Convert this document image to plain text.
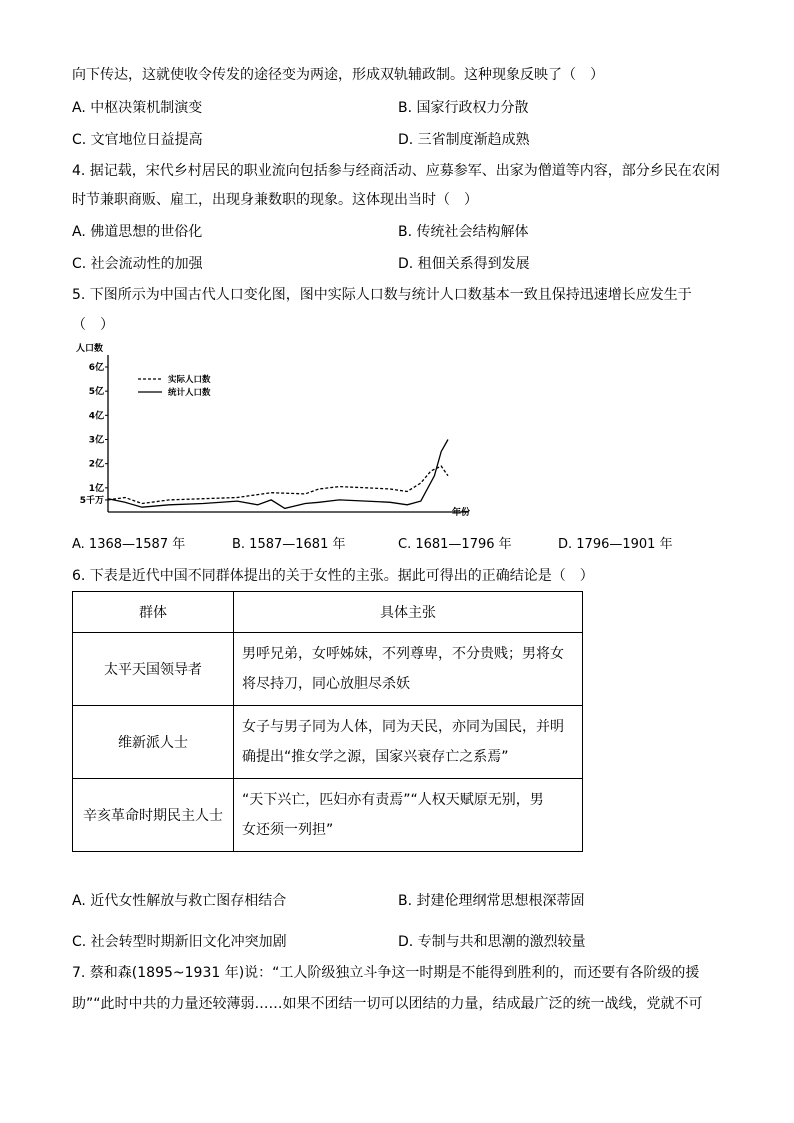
向下传达，这就使收令传发的途径变为两途，形成双轨辅政制。这种现象反映了（　）
A. 中枢决策机制演变	B. 国家行政权力分散
C. 文官地位日益提高	D. 三省制度渐趋成熟
4. 据记载，宋代乡村居民的职业流向包括参与经商活动、应募参军、出家为僧道等内容，部分乡民在农闲
时节兼职商贩、雇工，出现身兼数职的现象。这体现出当时（　）
A. 佛道思想的世俗化	B. 传统社会结构解体
C. 社会流动性的加强	D. 租佃关系得到发展
5. 下图所示为中国古代人口变化图，图中实际人口数与统计人口数基本一致且保持迅速增长应发生于
（　）
人口数
年份
5千万
1亿
2亿
3亿
4亿
5亿
6亿
实际人口数
统计人口数
A. 1368—1587 年	B. 1587—1681 年	C. 1681—1796 年	D. 1796—1901 年
6. 下表是近代中国不同群体提出的关于女性的主张。据此可得出的正确结论是（　）
群体	具体主张
太平天国领导者	男呼兄弟，女呼姊妹，不列尊卑，不分贵贱；男将女
将尽持刀，同心放胆尽杀妖

维新派人士	女子与男子同为人体，同为天民，亦同为国民，并明
确提出“推女学之源，国家兴衰存亡之系焉”

辛亥革命时期民主人士	“天下兴亡，匹妇亦有责焉”“人权天赋原无别，男
女还须一列担”
A. 近代女性解放与救亡图存相结合	B. 封建伦理纲常思想根深蒂固
C. 社会转型时期新旧文化冲突加剧	D. 专制与共和思潮的激烈较量
7. 蔡和森(1895~1931 年)说：“工人阶级独立斗争这一时期是不能得到胜利的，而还要有各阶级的援
助”“此时中共的力量还较薄弱……如果不团结一切可以团结的力量，结成最广泛的统一战线，党就不可
